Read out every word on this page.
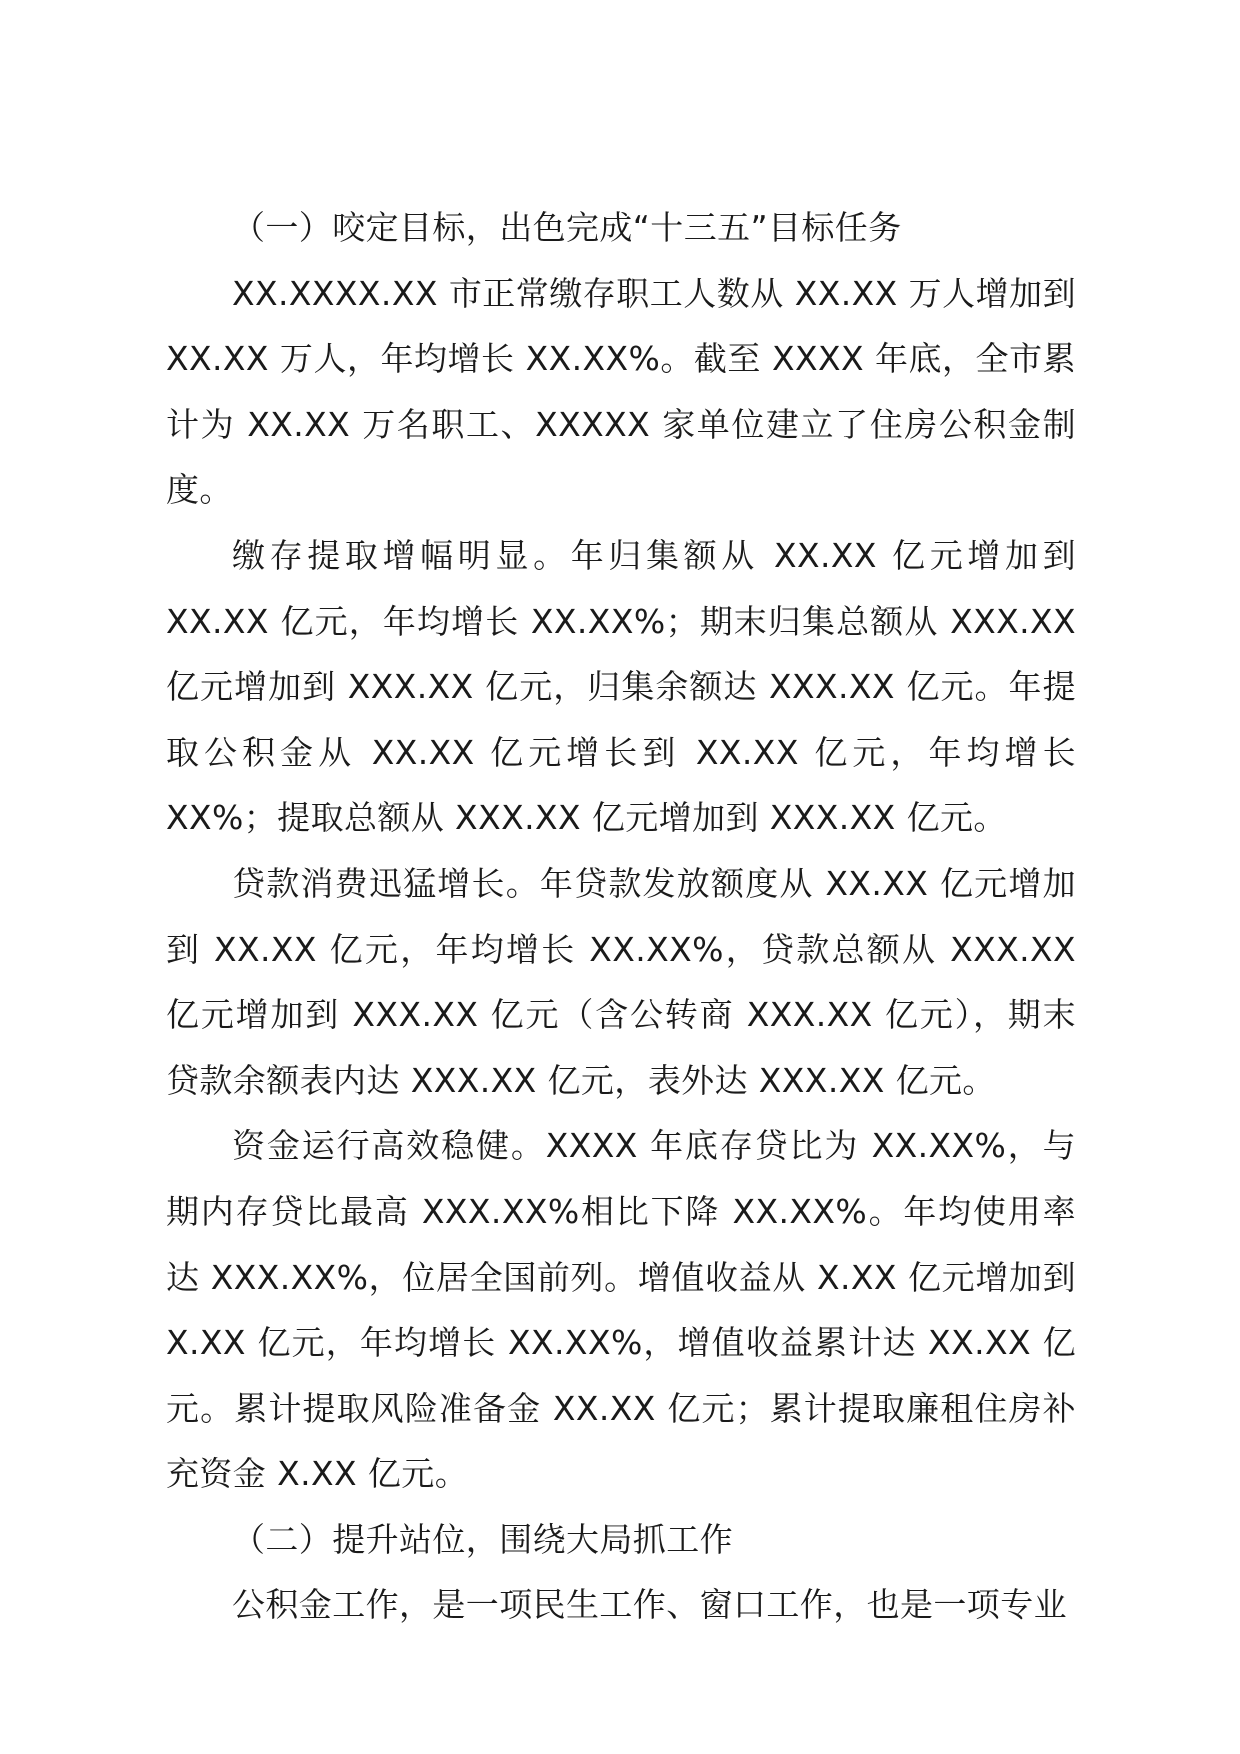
（一）咬定目标，出色完成“十三五”目标任务

XX.XXXX.XX 市正常缴存职工人数从 XX.XX 万人增加到 XX.XX 万人，年均增长 XX.XX%。截至 XXXX 年底，全市累计为 XX.XX 万名职工、XXXXX 家单位建立了住房公积金制度。

缴存提取增幅明显。年归集额从 XX.XX 亿元增加到 XX.XX 亿元，年均增长 XX.XX%；期末归集总额从 XXX.XX 亿元增加到 XXX.XX 亿元，归集余额达 XXX.XX 亿元。年提取公积金从 XX.XX 亿元增长到 XX.XX 亿元，年均增长 XX%；提取总额从 XXX.XX 亿元增加到 XXX.XX 亿元。

贷款消费迅猛增长。年贷款发放额度从 XX.XX 亿元增加到 XX.XX 亿元，年均增长 XX.XX%，贷款总额从 XXX.XX 亿元增加到 XXX.XX 亿元（含公转商 XXX.XX 亿元），期末贷款余额表内达 XXX.XX 亿元，表外达 XXX.XX 亿元。

资金运行高效稳健。XXXX 年底存贷比为 XX.XX%，与期内存贷比最高 XXX.XX%相比下降 XX.XX%。年均使用率达 XXX.XX%，位居全国前列。增值收益从 X.XX 亿元增加到 X.XX 亿元，年均增长 XX.XX%，增值收益累计达 XX.XX 亿元。累计提取风险准备金 XX.XX 亿元；累计提取廉租住房补充资金 X.XX 亿元。

（二）提升站位，围绕大局抓工作

公积金工作，是一项民生工作、窗口工作，也是一项专业
